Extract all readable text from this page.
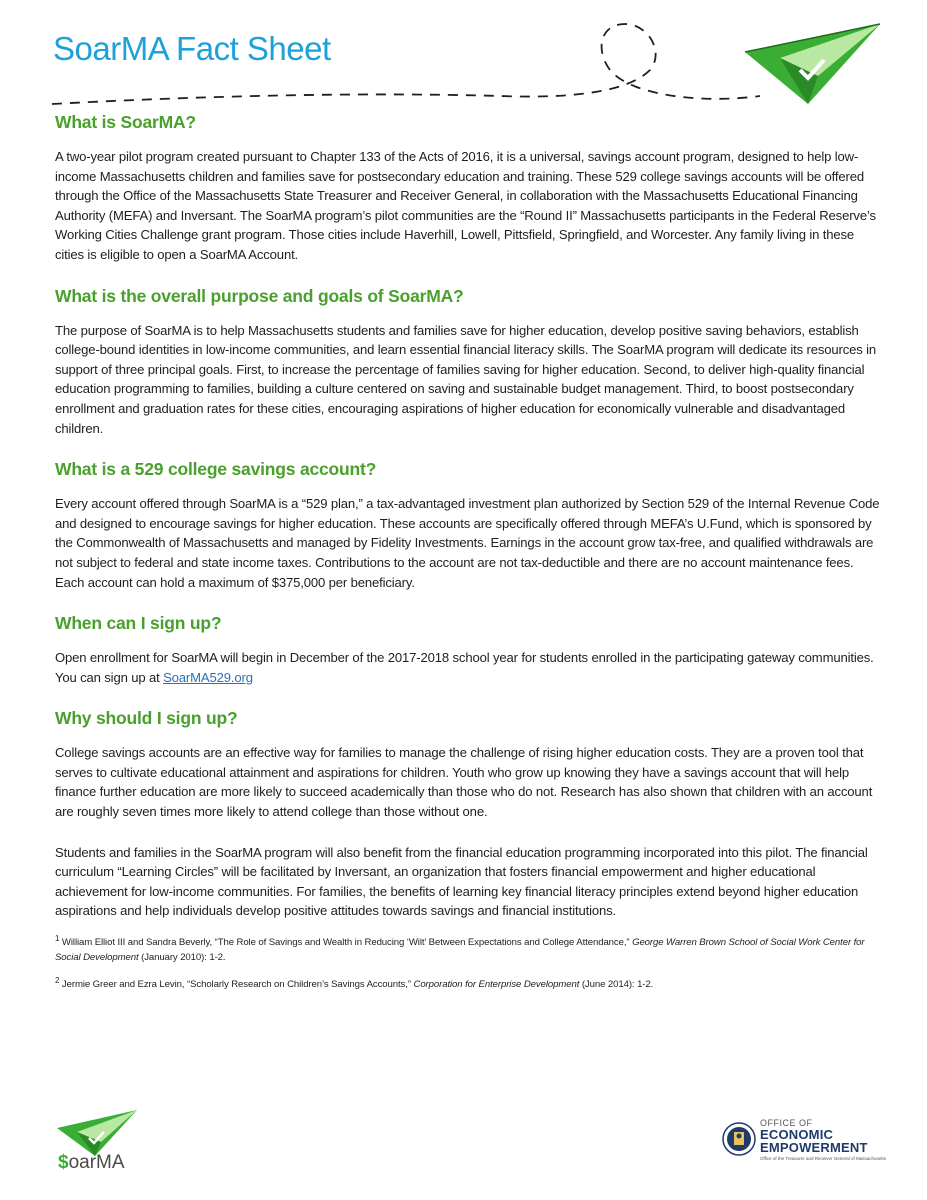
SoarMA Fact Sheet
What is SoarMA?

A two-year pilot program created pursuant to Chapter 133 of the Acts of 2016, it is a universal, savings account program, designed to help low-income Massachusetts children and families save for postsecondary education and training. These 529 college savings accounts will be offered through the Office of the Massachusetts State Treasurer and Receiver General, in collaboration with the Massachusetts Educational Financing Authority (MEFA) and Inversant. The SoarMA program’s pilot communities are the “Round II” Massachusetts participants in the Federal Reserve’s Working Cities Challenge grant program. Those cities include Haverhill, Lowell, Pittsfield, Springfield, and Worcester. Any family living in these cities is eligible to open a SoarMA Account.

What is the overall purpose and goals of SoarMA?

The purpose of SoarMA is to help Massachusetts students and families save for higher education, develop positive saving behaviors, establish college-bound identities in low-income communities, and learn essential financial literacy skills. The SoarMA program will dedicate its resources in support of three principal goals. First, to increase the percentage of families saving for higher education. Second, to deliver high-quality financial education programming to families, building a culture centered on saving and sustainable budget management. Third, to boost postsecondary enrollment and graduation rates for these cities, encouraging aspirations of higher education for economically vulnerable and disadvantaged children.

What is a 529 college savings account?

Every account offered through SoarMA is a “529 plan,” a tax-advantaged investment plan authorized by Section 529 of the Internal Revenue Code and designed to encourage savings for higher education. These accounts are specifically offered through MEFA’s U.Fund, which is sponsored by the Commonwealth of Massachusetts and managed by Fidelity Investments. Earnings in the account grow tax-free, and qualified withdrawals are not subject to federal and state income taxes. Contributions to the account are not tax-deductible and there are no account maintenance fees. Each account can hold a maximum of $375,000 per beneficiary.

When can I sign up?

Open enrollment for SoarMA will begin in December of the 2017-2018 school year for students enrolled in the participating gateway communities. You can sign up at SoarMA529.org

Why should I sign up?

College savings accounts are an effective way for families to manage the challenge of rising higher education costs. They are a proven tool that serves to cultivate educational attainment and aspirations for children. Youth who grow up knowing they have a savings account that will help finance further education are more likely to succeed academically than those who do not. Research has also shown that children with an account are roughly seven times more likely to attend college than those without one.

Students and families in the SoarMA program will also benefit from the financial education programming incorporated into this pilot. The financial curriculum “Learning Circles” will be facilitated by Inversant, an organization that fosters financial empowerment and higher educational achievement for low-income communities. For families, the benefits of learning key financial literacy principles extend beyond higher education aspirations and help individuals develop positive attitudes towards savings and financial institutions.

$^1$ William Elliot III and Sandra Beverly, “The Role of Savings and Wealth in Reducing ‘Wilt’ Between Expectations and College Attendance,” George Warren Brown School of Social Work Center for Social Development (January 2010): 1-2.

$^2$ Jermie Greer and Ezra Levin, “Scholarly Research on Children’s Savings Accounts,” Corporation for Enterprise Development (June 2014): 1-2.

$oarMA
OFFICE OF
ECONOMIC
EMPOWERMENT
Office of the Treasurer and Receiver General of Massachusetts
